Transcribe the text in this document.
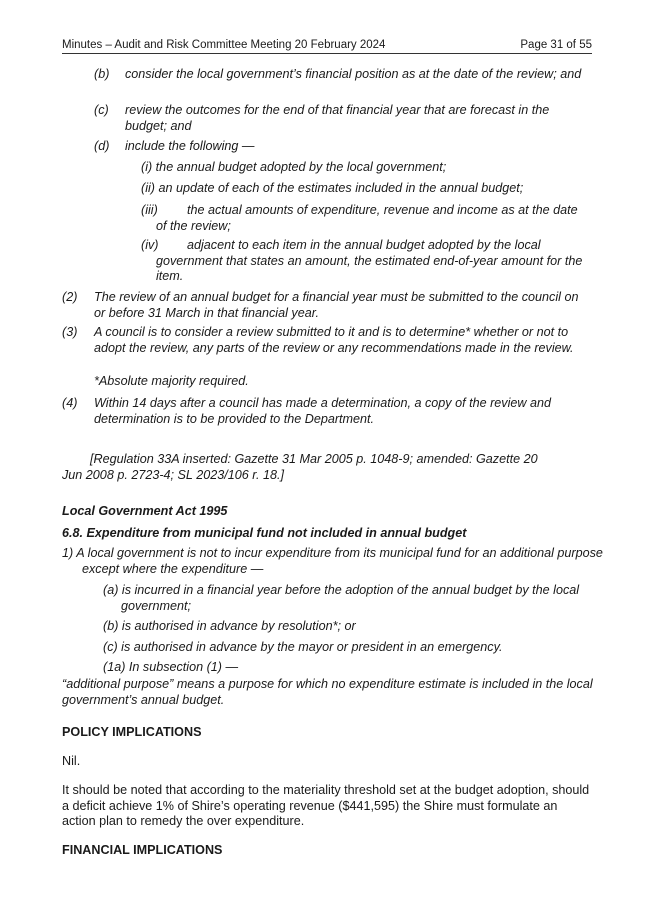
Minutes – Audit and Risk Committee Meeting 20 February 2024	Page 31 of 55
(b) consider the local government’s financial position as at the date of the review; and

(c) review the outcomes for the end of that financial year that are forecast in the budget; and

(d) include the following —

(i) the annual budget adopted by the local government;

(ii) an update of each of the estimates included in the annual budget;

(iii)	the actual amounts of expenditure, revenue and income as at the date of the review;

(iv)	adjacent to each item in the annual budget adopted by the local government that states an amount, the estimated end-of-year amount for the item.

(2) The review of an annual budget for a financial year must be submitted to the council on or before 31 March in that financial year.

(3) A council is to consider a review submitted to it and is to determine* whether or not to adopt the review, any parts of the review or any recommendations made in the review.

*Absolute majority required.

(4) Within 14 days after a council has made a determination, a copy of the review and determination is to be provided to the Department.

[Regulation 33A inserted: Gazette 31 Mar 2005 p. 1048-9; amended: Gazette 20 Jun 2008 p. 2723-4; SL 2023/106 r. 18.]

Local Government Act 1995

6.8. Expenditure from municipal fund not included in annual budget

1) A local government is not to incur expenditure from its municipal fund for an additional purpose except where the expenditure —

(a) is incurred in a financial year before the adoption of the annual budget by the local government;

(b) is authorised in advance by resolution*; or

(c) is authorised in advance by the mayor or president in an emergency.

(1a) In subsection (1) —

“additional purpose” means a purpose for which no expenditure estimate is included in the local government’s annual budget.

POLICY IMPLICATIONS

Nil.

It should be noted that according to the materiality threshold set at the budget adoption, should a deficit achieve 1% of Shire’s operating revenue ($441,595) the Shire must formulate an action plan to remedy the over expenditure.

FINANCIAL IMPLICATIONS
